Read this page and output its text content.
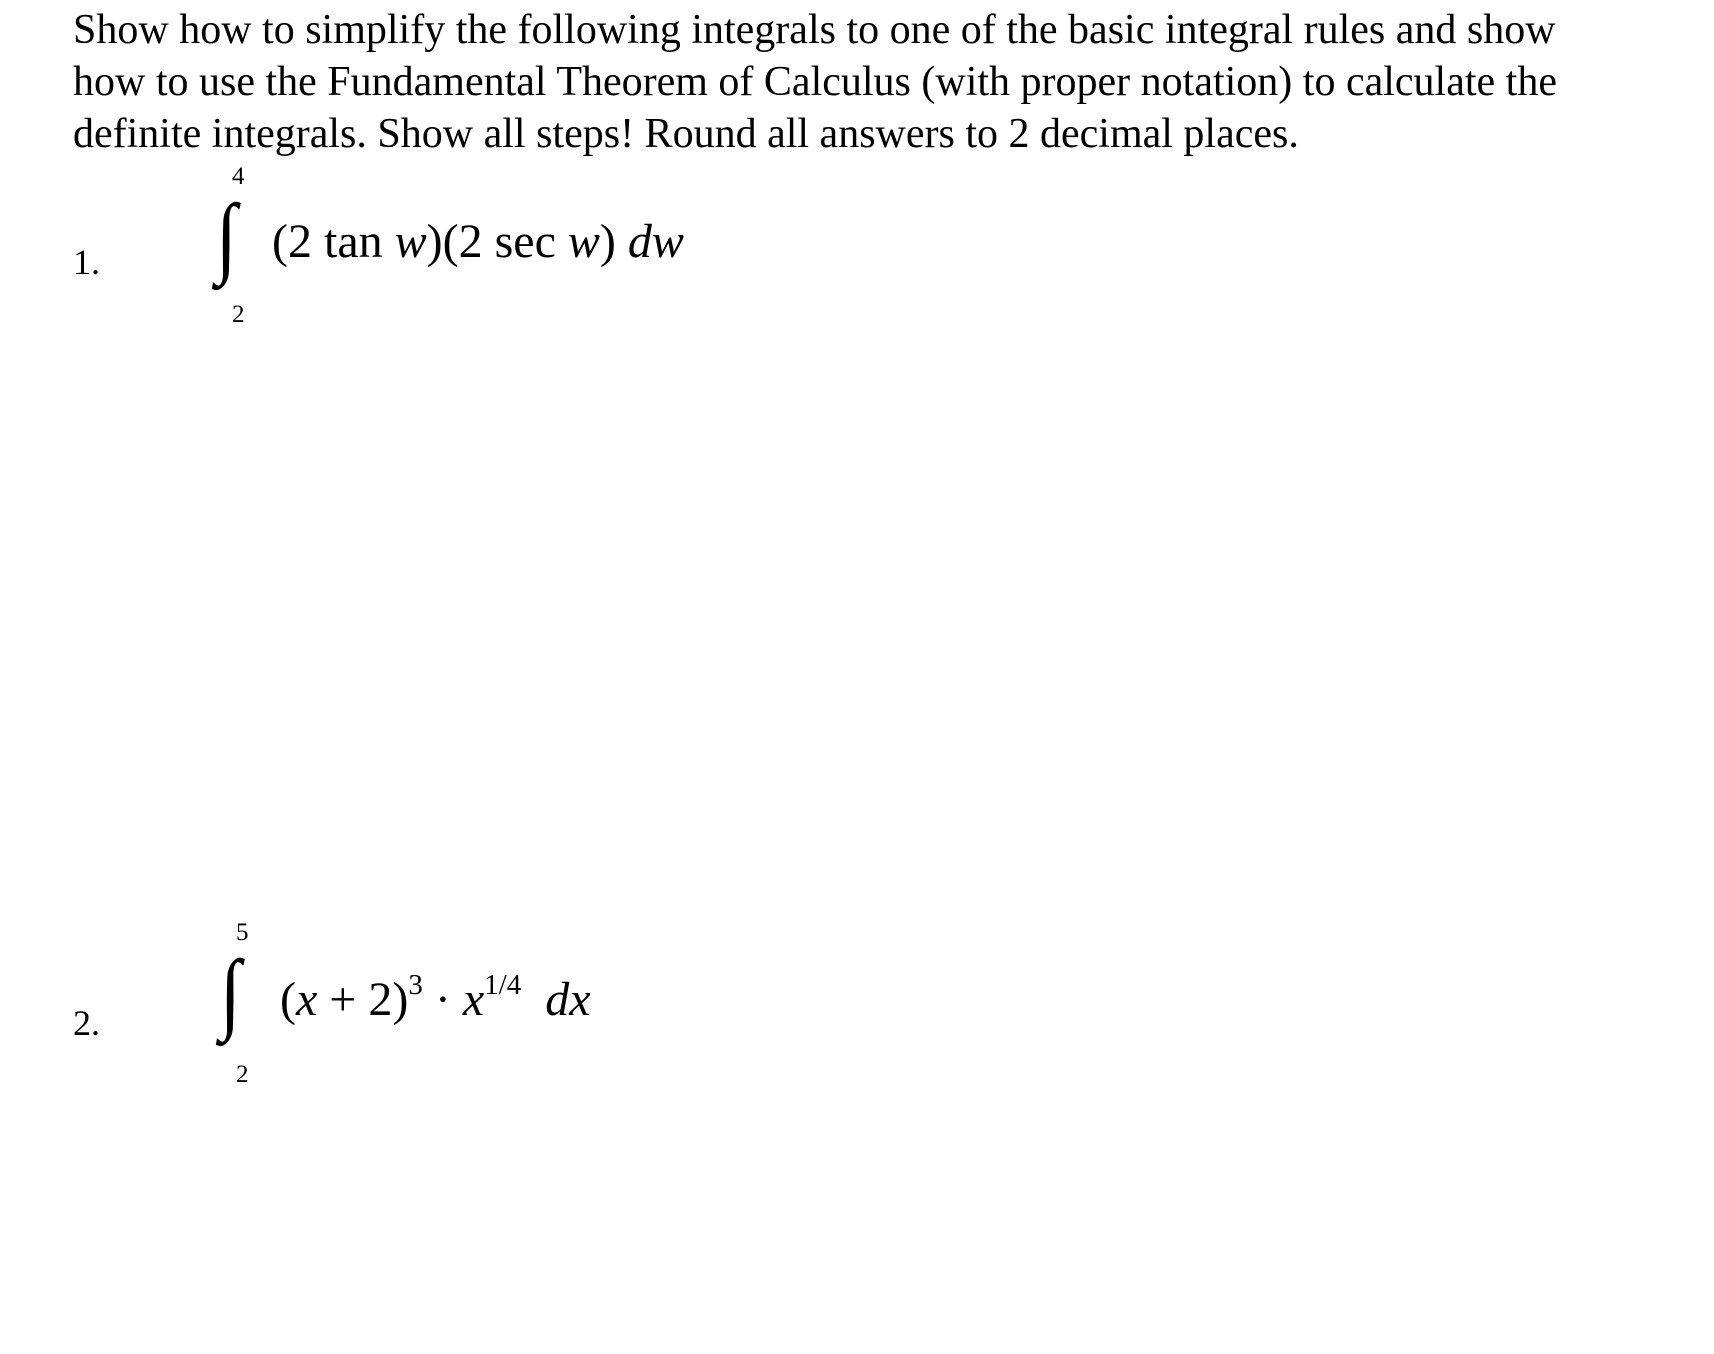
Show how to simplify the following integrals to one of the basic integral rules and show
how to use the Fundamental Theorem of Calculus (with proper notation) to calculate the
definite integrals. Show all steps! Round all answers to 2 decimal places.
1.
4
∫
2
(2 tan w)(2 sec w) dw
2.
5
∫
2
$(x + 2)^3 \cdot x^{1/4}$ dx
